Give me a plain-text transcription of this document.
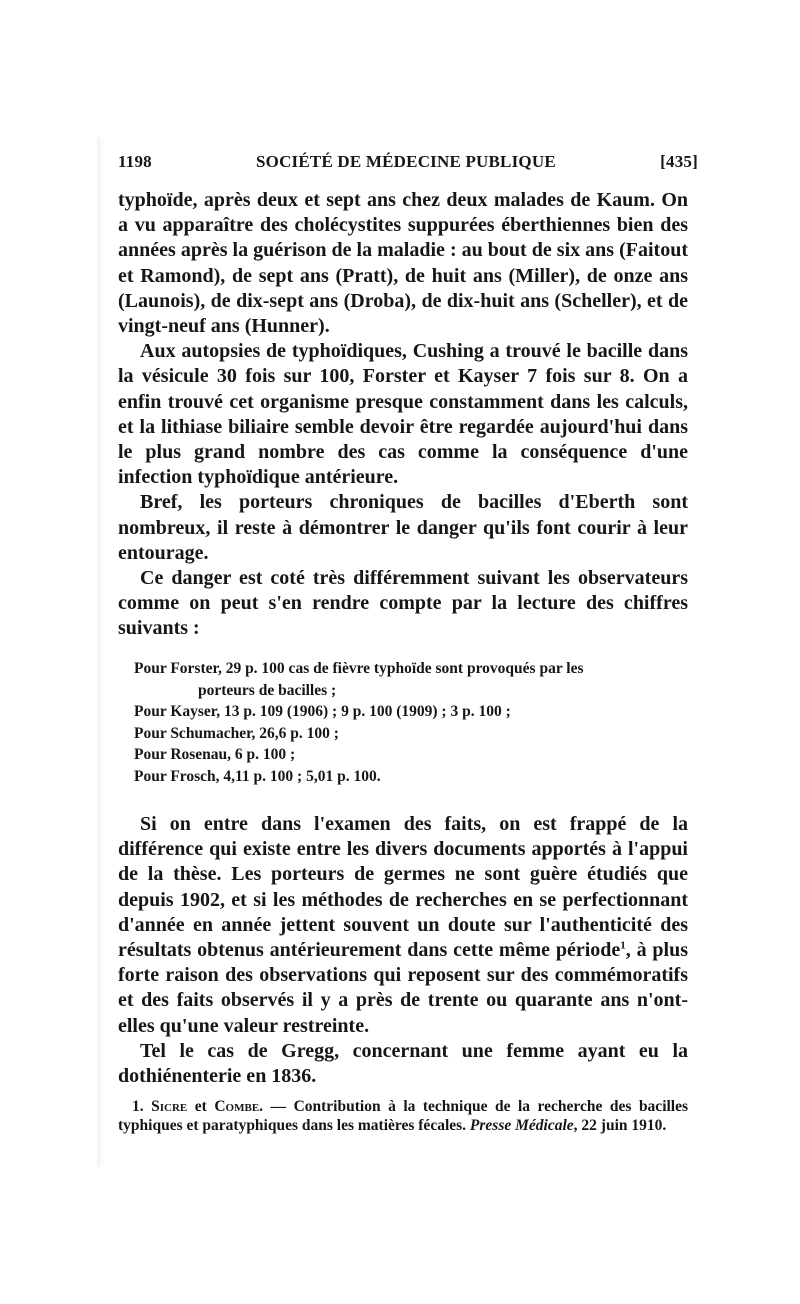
1198	SOCIÉTÉ DE MÉDECINE PUBLIQUE	[435]

typhoïde, après deux et sept ans chez deux malades de Kaum. On a vu apparaître des cholécystites suppurées éberthiennes bien des années après la guérison de la maladie : au bout de six ans (Faitout et Ramond), de sept ans (Pratt), de huit ans (Miller), de onze ans (Launois), de dix-sept ans (Droba), de dix-huit ans (Scheller), et de vingt-neuf ans (Hunner).

Aux autopsies de typhoïdiques, Cushing a trouvé le bacille dans la vésicule 30 fois sur 100, Forster et Kayser 7 fois sur 8. On a enfin trouvé cet organisme presque constamment dans les calculs, et la lithiase biliaire semble devoir être regardée aujourd'hui dans le plus grand nombre des cas comme la conséquence d'une infection typhoïdique antérieure.

Bref, les porteurs chroniques de bacilles d'Eberth sont nombreux, il reste à démontrer le danger qu'ils font courir à leur entourage.

Ce danger est coté très différemment suivant les observateurs comme on peut s'en rendre compte par la lecture des chiffres suivants :

Pour Forster, 29 p. 100 cas de fièvre typhoïde sont provoqués par les
porteurs de bacilles ;
Pour Kayser, 13 p. 109 (1906) ; 9 p. 100 (1909) ; 3 p. 100 ;
Pour Schumacher, 26,6 p. 100 ;
Pour Rosenau, 6 p. 100 ;
Pour Frosch, 4,11 p. 100 ; 5,01 p. 100.

Si on entre dans l'examen des faits, on est frappé de la différence qui existe entre les divers documents apportés à l'appui de la thèse. Les porteurs de germes ne sont guère étudiés que depuis 1902, et si les méthodes de recherches en se perfectionnant d'année en année jettent souvent un doute sur l'authenticité des résultats obtenus antérieurement dans cette même période$^1$, à plus forte raison des observations qui reposent sur des commémoratifs et des faits observés il y a près de trente ou quarante ans n'ont-elles qu'une valeur restreinte.

Tel le cas de Gregg, concernant une femme ayant eu la dothiénenterie en 1836.

1. Sicre et Combe. — Contribution à la technique de la recherche des bacilles typhiques et paratyphiques dans les matières fécales. Presse Médicale, 22 juin 1910.
